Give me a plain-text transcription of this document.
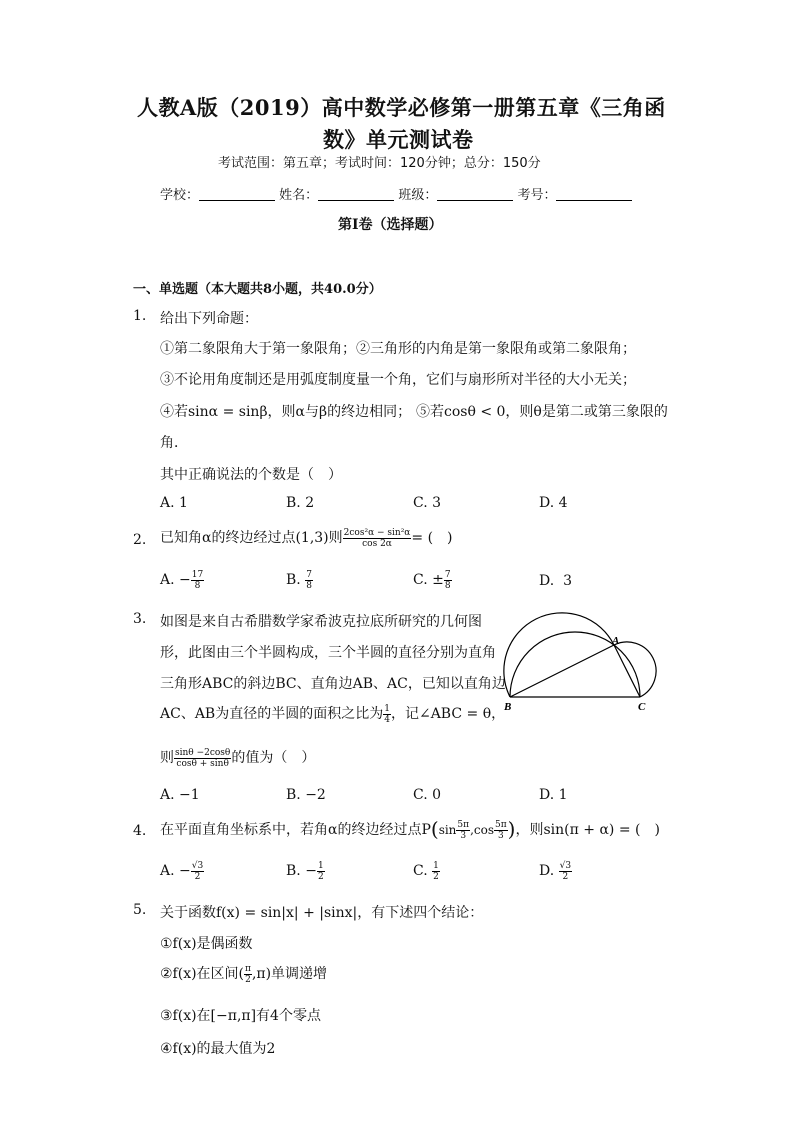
人教A版（2019）高中数学必修第一册第五章《三角函
数》单元测试卷
考试范围：第五章；考试时间：120分钟；总分：150分
学校：	姓名：	班级：	考号：
第I卷（选择题）
一、单选题（本大题共8小题，共40.0分）
1. 给出下列命题：
①第二象限角大于第一象限角；②三角形的内角是第一象限角或第二象限角；
③不论用角度制还是用弧度制度量一个角，它们与扇形所对半径的大小无关；
④若sinα = sinβ，则α与β的终边相同； ⑤若cosθ < 0，则θ是第二或第三象限的
角．
其中正确说法的个数是（　）
A. 1	B. 2	C. 3	D. 4
2. 已知角α的终边经过点(1,3)则 $\frac{\text{2cos²α − sin²α}}{\cos 2\alpha}$ = (　)
A. − $\frac{17}{8}$	B. $\frac{7}{8}$	C. ± $\frac{7}{8}$	D. 3
3. 如图是来自古希腊数学家希波克拉底所研究的几何图
形，此图由三个半圆构成，三个半圆的直径分别为直角
三角形ABC的斜边BC、直角边AB、AC，已知以直角边
AC、AB为直径的半圆的面积之比为 $\frac{1}{4}$ ，记∠ABC = θ，
则 $\frac{\sin\theta -2\cos\theta}{\cos\theta + \sin\theta}$ 的值为（　）
A
B	C
A. −1	B. −2	C. 0	D. 1
4. 在平面直角坐标系中，若角α的终边经过点$P(\sin \frac{5\pi}{3} ,\cos \frac{5\pi}{3}$ )，则sin(π + α) = (　)
A. − $\frac{√3}{2}$	B. − $\frac{1}{2}$	C. $\frac{1}{2}$	D. $\frac{√3}{2}$
5. 关于函数f(x) = sin|x| + |sinx|，有下述四个结论：
①f(x)是偶函数
②f(x)在区间( $\frac{\pi}{2} ,\pi$)单调递增
③f(x)在[−π,π]有4个零点
④f(x)的最大值为2
